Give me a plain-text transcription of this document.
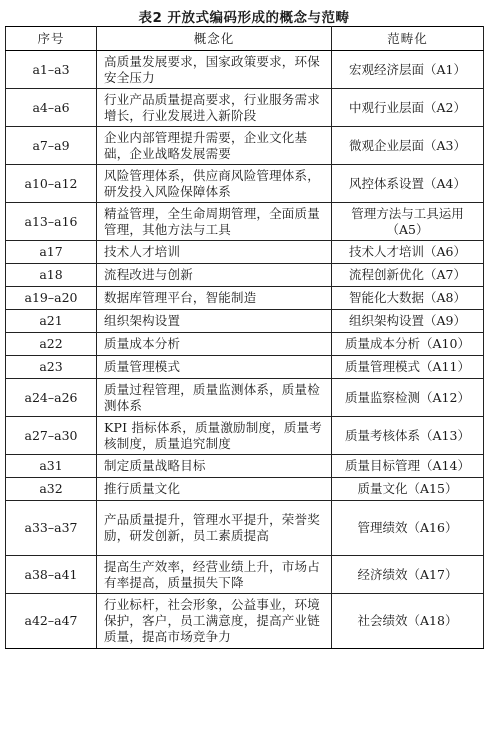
表2 开放式编码形成的概念与范畴
序号	概念化	范畴化
a1–a3	高质量发展要求，国家政策要求，环保安全压力	宏观经济层面（A1）
a4–a6	行业产品质量提高要求，行业服务需求增长，行业发展进入新阶段	中观行业层面（A2）
a7–a9	企业内部管理提升需要，企业文化基础，企业战略发展需要	微观企业层面（A3）
a10–a12	风险管理体系，供应商风险管理体系，研发投入风险保障体系	风控体系设置（A4）
a13–a16	精益管理，全生命周期管理，全面质量管理，其他方法与工具	管理方法与工具运用（A5）
a17	技术人才培训	技术人才培训（A6）
a18	流程改进与创新	流程创新优化（A7）
a19–a20	数据库管理平台，智能制造	智能化大数据（A8）
a21	组织架构设置	组织架构设置（A9）
a22	质量成本分析	质量成本分析（A10）
a23	质量管理模式	质量管理模式（A11）
a24–a26	质量过程管理，质量监测体系，质量检测体系	质量监察检测（A12）
a27–a30	KPI 指标体系，质量激励制度，质量考核制度，质量追究制度	质量考核体系（A13）
a31	制定质量战略目标	质量目标管理（A14）
a32	推行质量文化	质量文化（A15）
a33–a37	产品质量提升，管理水平提升，荣誉奖励，研发创新，员工素质提高	管理绩效（A16）
a38–a41	提高生产效率，经营业绩上升，市场占有率提高，质量损失下降	经济绩效（A17）
a42–a47	行业标杆，社会形象，公益事业，环境保护，客户，员工满意度，提高产业链质量，提高市场竞争力	社会绩效（A18）
